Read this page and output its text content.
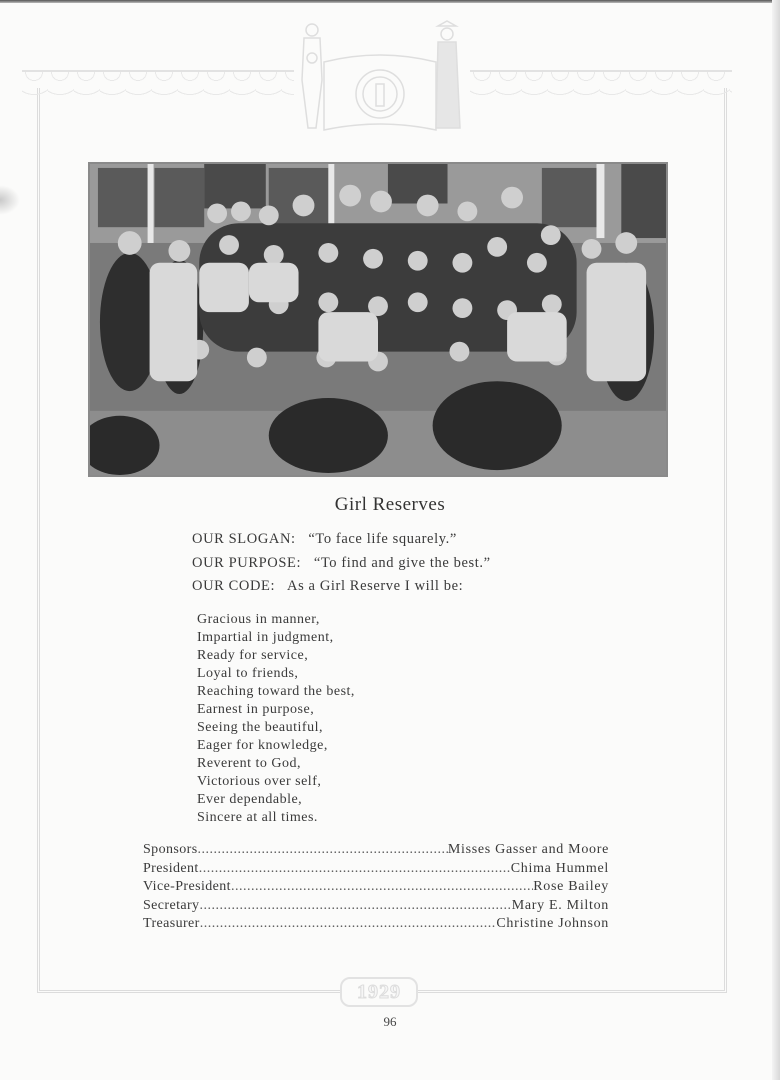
Girl Reserves
OUR SLOGAN: “To face life squarely.”
OUR PURPOSE: “To find and give the best.”
OUR CODE: As a Girl Reserve I will be:
Gracious in manner,
Impartial in judgment,
Ready for service,
Loyal to friends,
Reaching toward the best,
Earnest in purpose,
Seeing the beautiful,
Eager for knowledge,
Reverent to God,
Victorious over self,
Ever dependable,
Sincere at all times.
Sponsors .....	Misses Gasser and Moore
President .....	Chima Hummel
Vice-President .....	Rose Bailey
Secretary .....	Mary E. Milton
Treasurer .....	Christine Johnson
1929
96
